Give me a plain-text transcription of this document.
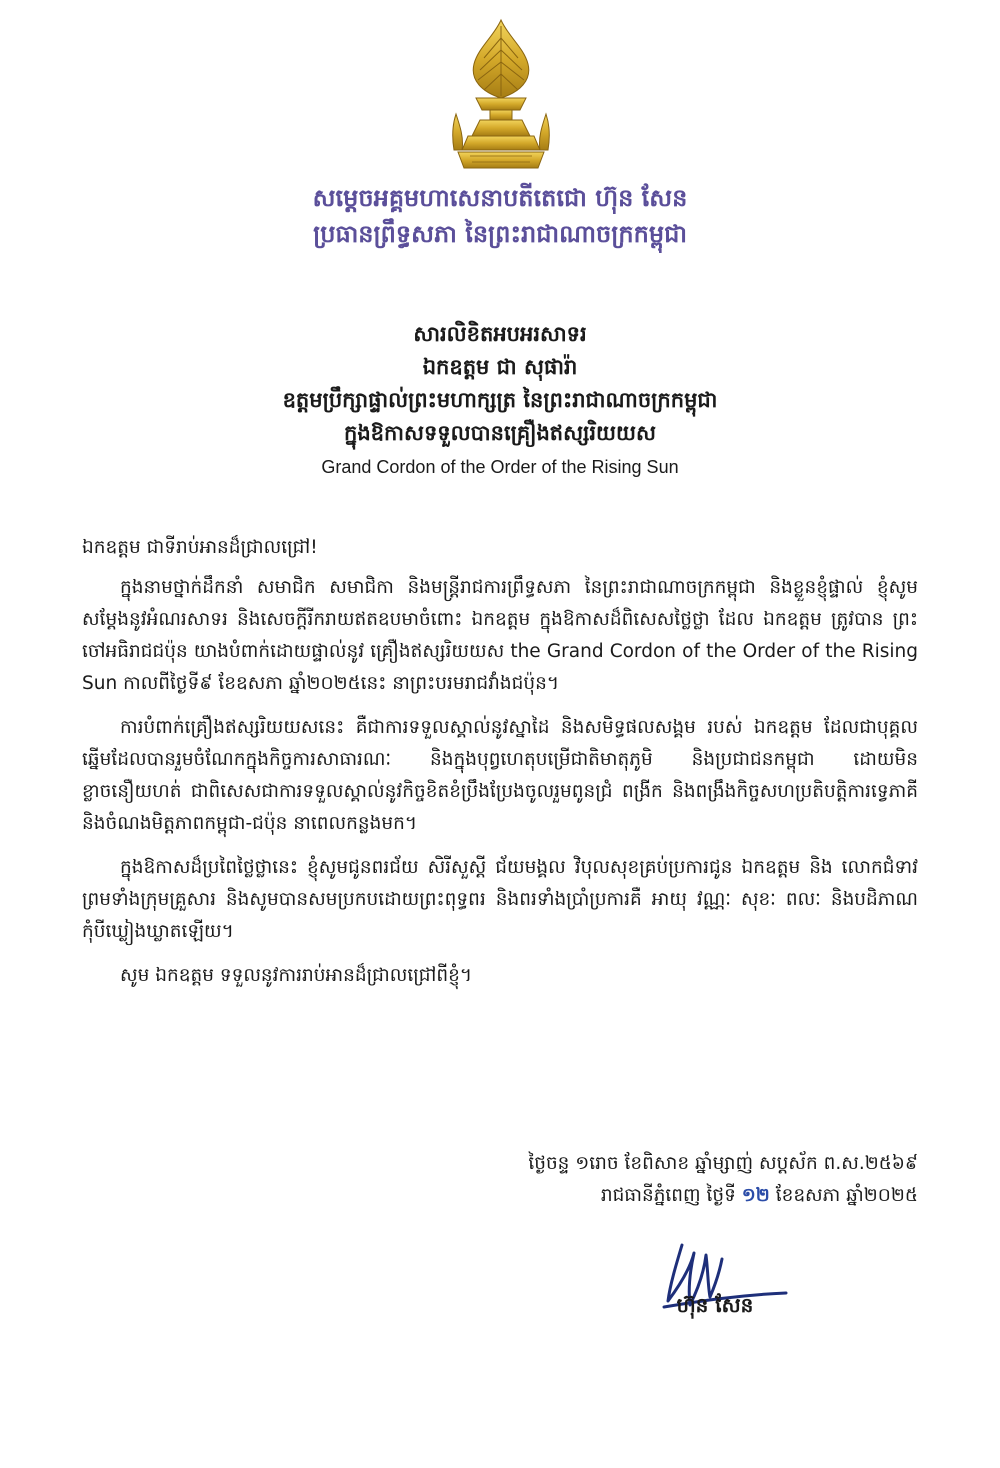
សម្តេចអគ្គមហាសេនាបតីតេជោ ហ៊ុន សែន

ប្រធានព្រឹទ្ធសភា នៃព្រះរាជាណាចក្រកម្ពុជា

សារលិខិតអបអរសាទរ

ឯកឧត្តម ជា សុផារ៉ា

ឧត្តមប្រឹក្សាផ្ទាល់ព្រះមហាក្សត្រ នៃព្រះរាជាណាចក្រកម្ពុជា

ក្នុងឱកាសទទួលបានគ្រឿងឥស្សរិយយស

Grand Cordon of the Order of the Rising Sun

ឯកឧត្តម ជាទីរាប់អានដ៏ជ្រាលជ្រៅ!

ក្នុងនាមថ្នាក់ដឹកនាំ សមាជិក សមាជិកា និងមន្ត្រីរាជការព្រឹទ្ធសភា នៃព្រះរាជាណាចក្រកម្ពុជា និងខ្លួនខ្ញុំផ្ទាល់ ខ្ញុំសូមសម្តែងនូវអំណរសាទរ និងសេចក្តីរីករាយឥតឧបមាចំពោះ ឯកឧត្តម ក្នុងឱកាសដ៏ពិសេសថ្លៃថ្លា ដែល ឯកឧត្តម ត្រូវបាន ព្រះចៅអធិរាជជប៉ុន យាងបំពាក់ដោយផ្ទាល់នូវ គ្រឿងឥស្សរិយយស the Grand Cordon of the Order of the Rising Sun កាលពីថ្ងៃទី៩ ខែឧសភា ឆ្នាំ២០២៥នេះ នាព្រះបរមរាជវាំងជប៉ុន។

ការបំពាក់គ្រឿងឥស្សរិយយសនេះ គឺជាការទទួលស្គាល់នូវស្នាដៃ និងសមិទ្ធផលសង្គម របស់ ឯកឧត្តម ដែលជាបុគ្គលឆ្នើមដែលបានរួមចំណែកក្នុងកិច្ចការសាធារណៈ និងក្នុងបុព្វហេតុបម្រើជាតិមាតុភូមិ និងប្រជាជនកម្ពុជា ដោយមិនខ្លាចនឿយហត់ ជាពិសេសជាការទទួលស្គាល់នូវកិច្ចខិតខំប្រឹងប្រែងចូលរួមពូនជ្រំ ពង្រីក និងពង្រឹងកិច្ចសហប្រតិបត្តិការទ្វេភាគី និងចំណងមិត្តភាពកម្ពុជា-ជប៉ុន នាពេលកន្លងមក។

ក្នុងឱកាសដ៏ប្រពៃថ្លៃថ្លានេះ ខ្ញុំសូមជូនពរជ័យ សិរីសួស្តី ជ័យមង្គល វិបុលសុខគ្រប់ប្រការជូន ឯកឧត្តម និង លោកជំទាវ ព្រមទាំងក្រុមគ្រួសារ និងសូមបានសមប្រកបដោយព្រះពុទ្ធពរ និងពរទាំងប្រាំប្រការគឺ អាយុ វណ្ណៈ សុខៈ ពលៈ និងបដិភាណ កុំបីឃ្លៀងឃ្លាតឡើយ។

សូម ឯកឧត្តម ទទួលនូវការរាប់អានដ៏ជ្រាលជ្រៅពីខ្ញុំ។

ថ្ងៃចន្ទ ១រោច ខែពិសាខ ឆ្នាំម្សាញ់ សប្តស័ក ព.ស.២៥៦៩

រាជធានីភ្នំពេញ ថ្ងៃទី ១២ ខែឧសភា ឆ្នាំ២០២៥

ហ៊ុន សែន
